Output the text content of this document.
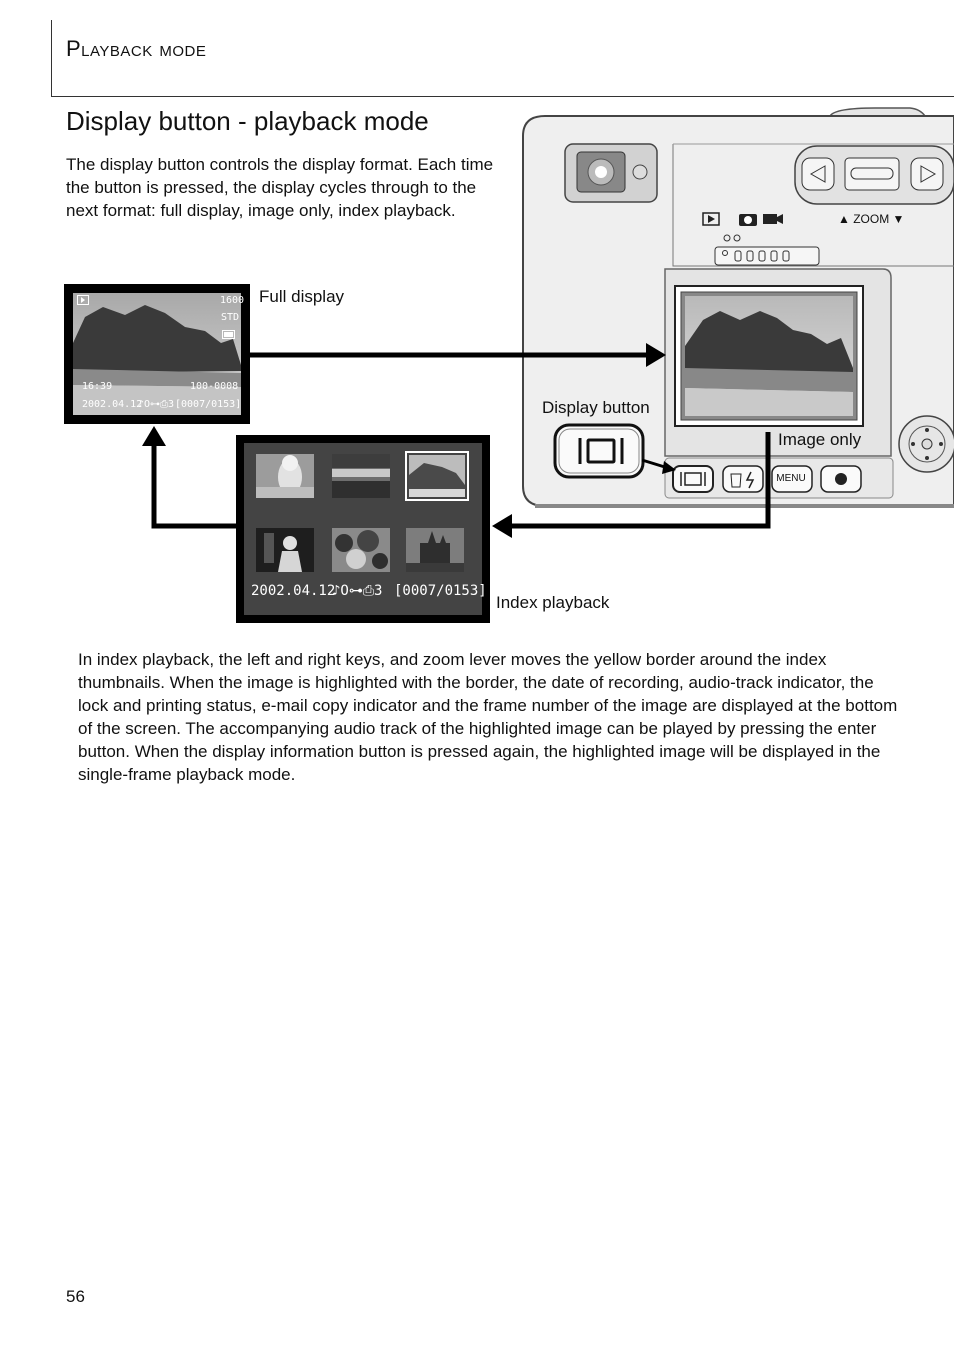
Playback mode
Display button - playback mode
The display button controls the display format. Each time the button is pressed, the display cycles through to the next format: full display, image only, index playback.	▲ ZOOM ▼
MENU
1600
STD
16:39	100-0008
2002.04.12
♪O⊶⎙3 [0007/0153]
2002.04.12
♪O⊶⎙3 [0007/0153]
Full display
Display button
Image only
Index playback
In index playback, the left and right keys, and zoom lever moves the yellow border around the index thumbnails. When the image is highlighted with the border, the date of recording, audio-track indicator, the lock and printing status, e-mail copy indicator and the frame number of the image are displayed at the bottom of the screen. The accompanying audio track of the highlighted image can be played by pressing the enter button. When the display information button is pressed again, the highlighted image will be displayed in the single-frame playback mode.
56
